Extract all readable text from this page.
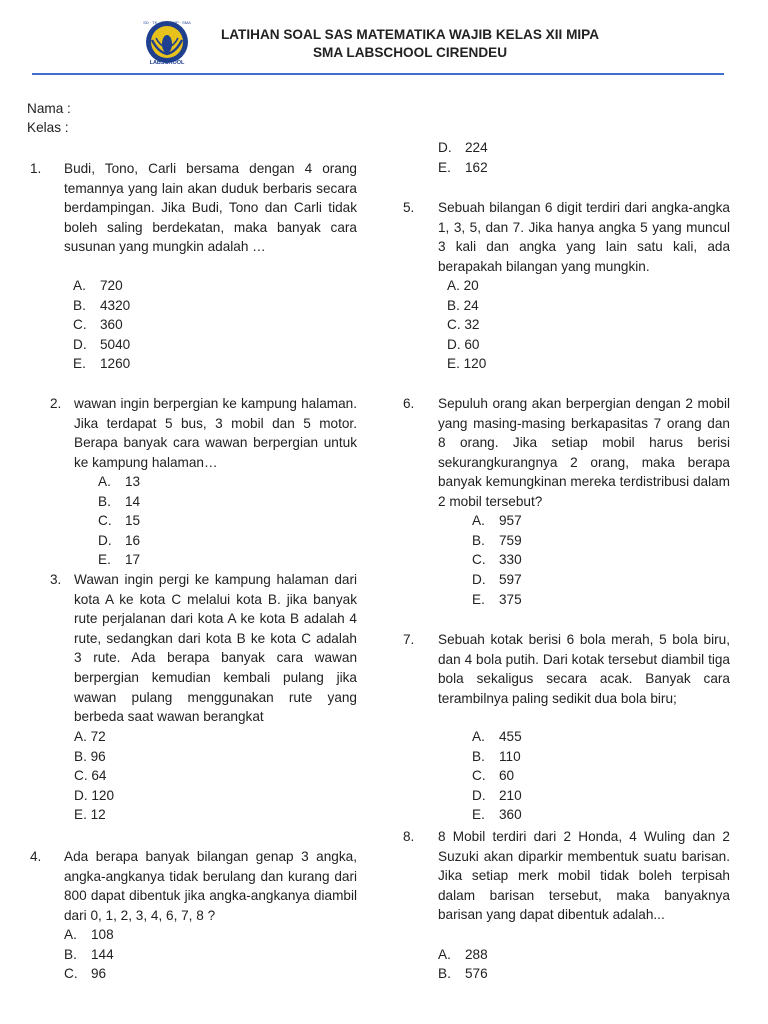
SD · TK · SD · SMP · SMA
LABSCHOOL
LATIHAN SOAL SAS MATEMATIKA WAJIB KELAS XII MIPA
SMA LABSCHOOL CIRENDEU
Nama :
Kelas :
1. Budi, Tono, Carli bersama dengan 4 orang temannya yang lain akan duduk berbaris secara berdampingan. Jika Budi, Tono dan Carli tidak boleh saling berdekatan, maka banyak cara susunan yang mungkin adalah …
A. 720
B. 4320
C. 360
D. 5040
E. 1260
2. wawan ingin berpergian ke kampung halaman. Jika terdapat 5 bus, 3 mobil dan 5 motor. Berapa banyak cara wawan berpergian untuk ke kampung halaman…
A. 13
B. 14
C. 15
D. 16
E. 17
3. Wawan ingin pergi ke kampung halaman dari kota A ke kota C melalui kota B. jika banyak rute perjalanan dari kota A ke kota B adalah 4 rute, sedangkan dari kota B ke kota C adalah 3 rute. Ada berapa banyak cara wawan berpergian kemudian kembali pulang jika wawan pulang menggunakan rute yang berbeda saat wawan berangkat
A. 72
B. 96
C. 64
D. 120
E. 12
4. Ada berapa banyak bilangan genap 3 angka, angka-angkanya tidak berulang dan kurang dari 800 dapat dibentuk jika angka-angkanya diambil dari 0, 1, 2, 3, 4, 6, 7, 8 ?
A. 108
B. 144
C. 96
D. 224
E. 162
5. Sebuah bilangan 6 digit terdiri dari angka-angka 1, 3, 5, dan 7. Jika hanya angka 5 yang muncul 3 kali dan angka yang lain satu kali, ada berapakah bilangan yang mungkin.
A. 20
B. 24
C. 32
D. 60
E. 120
6. Sepuluh orang akan berpergian dengan 2 mobil yang masing-masing berkapasitas 7 orang dan 8 orang. Jika setiap mobil harus berisi sekurangkurangnya 2 orang, maka berapa banyak kemungkinan mereka terdistribusi dalam 2 mobil tersebut?
A. 957
B. 759
C. 330
D. 597
E. 375
7. Sebuah kotak berisi 6 bola merah, 5 bola biru, dan 4 bola putih. Dari kotak tersebut diambil tiga bola sekaligus secara acak. Banyak cara terambilnya paling sedikit dua bola biru;
A. 455
B. 110
C. 60
D. 210
E. 360
8. 8 Mobil terdiri dari 2 Honda, 4 Wuling dan 2 Suzuki akan diparkir membentuk suatu barisan. Jika setiap merk mobil tidak boleh terpisah dalam barisan tersebut, maka banyaknya barisan yang dapat dibentuk adalah...
A. 288
B. 576
